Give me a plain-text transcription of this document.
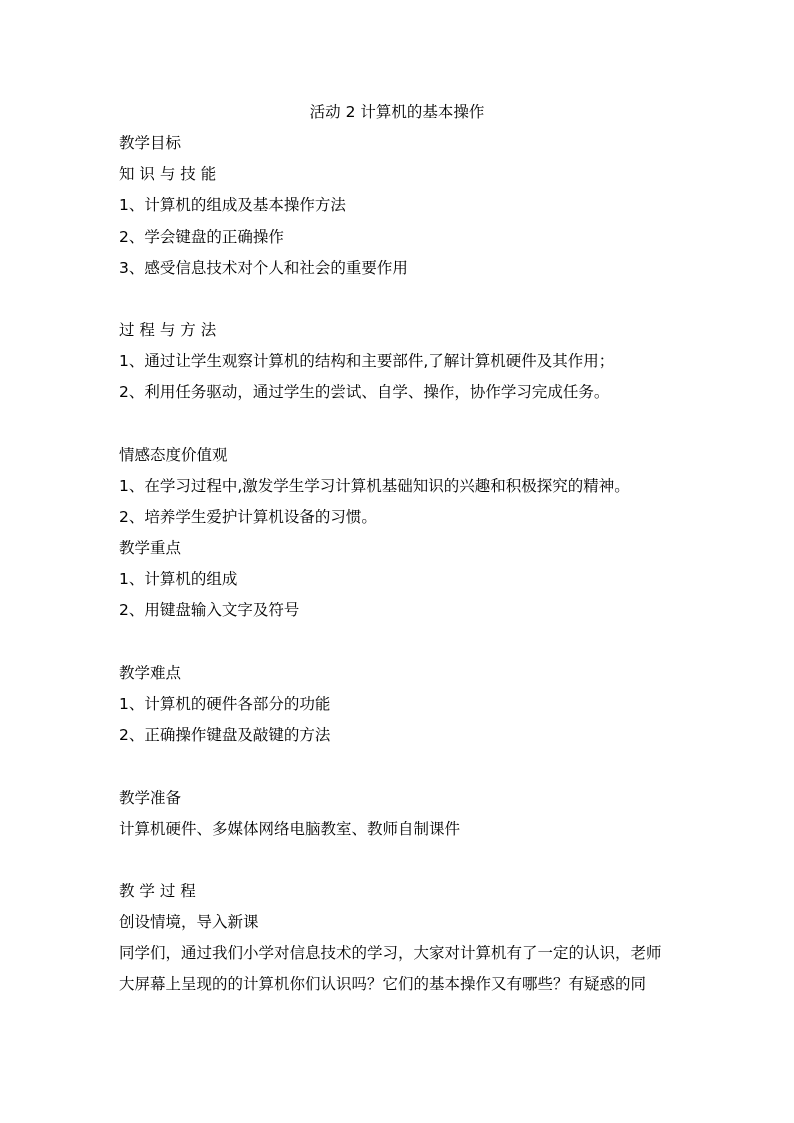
活动 2 计算机的基本操作
教学目标
知 识 与 技 能
1、计算机的组成及基本操作方法
2、学会键盘的正确操作
3、感受信息技术对个人和社会的重要作用
过 程 与 方 法
1、通过让学生观察计算机的结构和主要部件,了解计算机硬件及其作用；
2、利用任务驱动，通过学生的尝试、自学、操作，协作学习完成任务。
情感态度价值观
1、在学习过程中,激发学生学习计算机基础知识的兴趣和积极探究的精神。
2、培养学生爱护计算机设备的习惯。
教学重点
1、计算机的组成
2、用键盘输入文字及符号
教学难点
1、计算机的硬件各部分的功能
2、正确操作键盘及敲键的方法
教学准备
计算机硬件、多媒体网络电脑教室、教师自制课件
教 学 过 程
创设情境，导入新课
同学们，通过我们小学对信息技术的学习，大家对计算机有了一定的认识，老师
大屏幕上呈现的的计算机你们认识吗？它们的基本操作又有哪些？有疑惑的同
